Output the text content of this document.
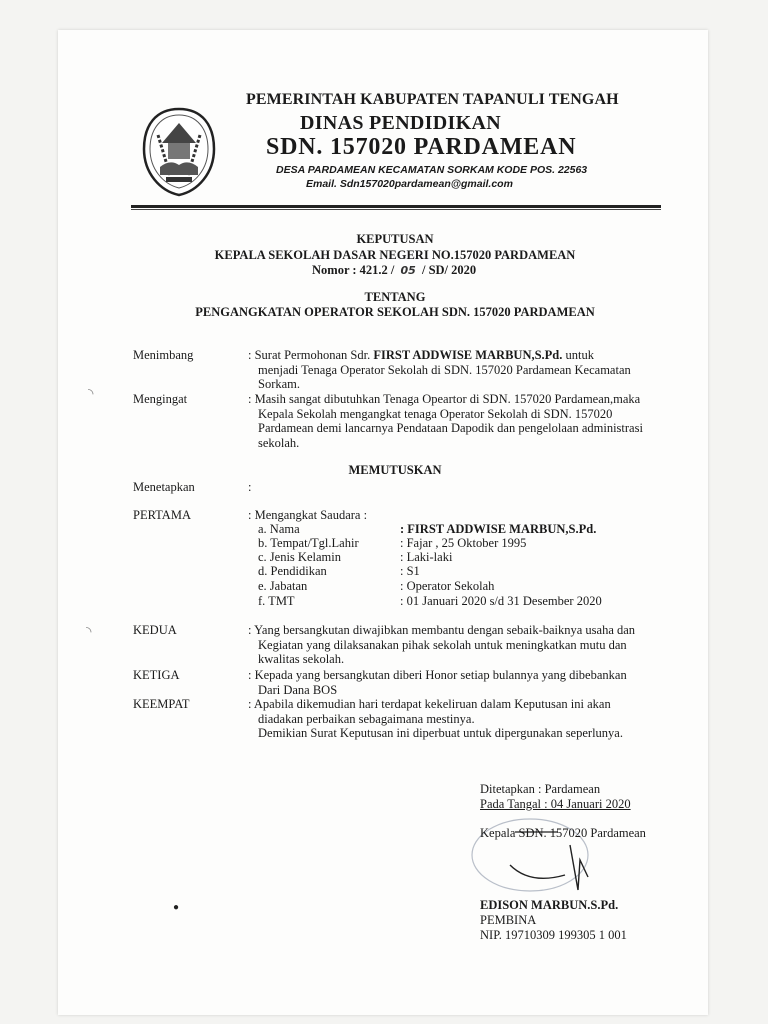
PEMERINTAH KABUPATEN TAPANULI TENGAH
DINAS PENDIDIKAN
SDN. 157020 PARDAMEAN
DESA PARDAMEAN KECAMATAN SORKAM KODE POS. 22563
Email. Sdn157020pardamean@gmail.com
KEPUTUSAN
KEPALA SEKOLAH DASAR NEGERI NO.157020 PARDAMEAN
Nomor : 421.2 / 05 / SD/ 2020
TENTANG
PENGANGKATAN OPERATOR SEKOLAH SDN. 157020 PARDAMEAN
Menimbang	: Surat Permohonan Sdr. FIRST ADDWISE MARBUN,S.Pd. untuk
menjadi Tenaga Operator Sekolah di SDN. 157020 Pardamean Kecamatan
Sorkam.
Mengingat	: Masih sangat dibutuhkan Tenaga Opeartor di SDN. 157020 Pardamean,maka
Kepala Sekolah mengangkat tenaga Operator Sekolah di SDN. 157020
Pardamean demi lancarnya Pendataan Dapodik dan pengelolaan administrasi
sekolah.
MEMUTUSKAN
Menetapkan	:
PERTAMA	: Mengangkat Saudara :
a. Nama	: FIRST ADDWISE MARBUN,S.Pd.
b. Tempat/Tgl.Lahir	: Fajar , 25 Oktober 1995
c. Jenis Kelamin	: Laki-laki
d. Pendidikan	: S1
e. Jabatan	: Operator Sekolah
f. TMT	: 01 Januari 2020 s/d 31 Desember 2020
KEDUA	: Yang bersangkutan diwajibkan membantu dengan sebaik-baiknya usaha dan
Kegiatan yang dilaksanakan pihak sekolah untuk meningkatkan mutu dan
kwalitas sekolah.
KETIGA	: Kepada yang bersangkutan diberi Honor setiap bulannya yang dibebankan
Dari Dana BOS
KEEMPAT	: Apabila dikemudian hari terdapat kekeliruan dalam Keputusan ini akan
diadakan perbaikan sebagaimana mestinya.
Demikian Surat Keputusan ini diperbuat untuk dipergunakan seperlunya.
Ditetapkan : Pardamean
Pada Tangal : 04 Januari 2020
Kepala SDN. 157020 Pardamean
EDISON MARBUN.S.Pd.
PEMBINA
NIP. 19710309 199305 1 001
◝
◝
●
